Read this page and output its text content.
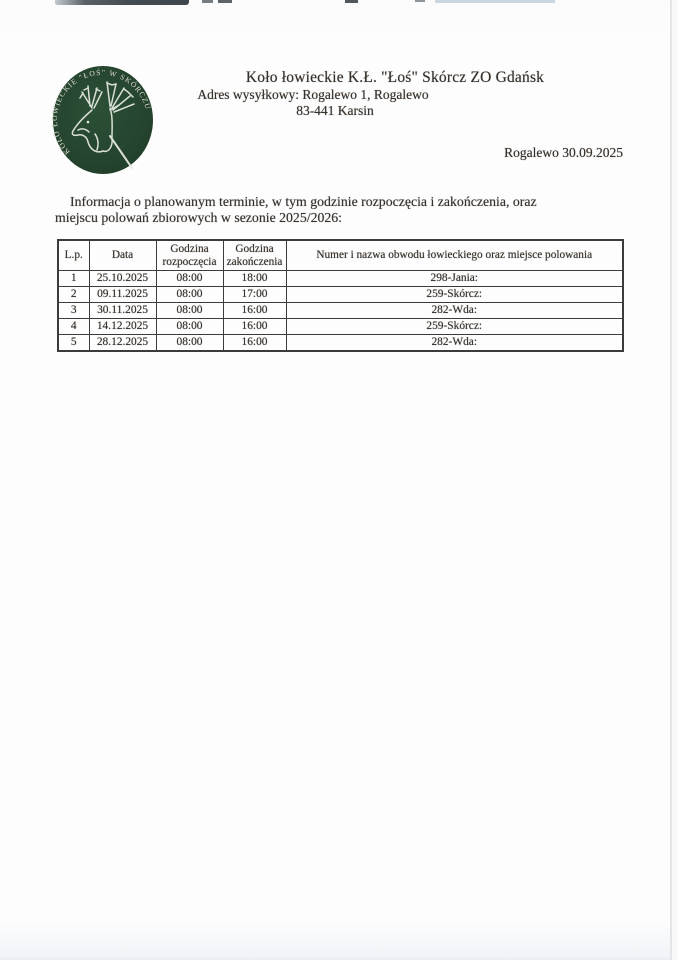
KOŁO ŁOWIECKIE "ŁOŚ" W SKÓRCZU
Koło łowieckie K.Ł. "Łoś" Skórcz ZO Gdańsk
Adres wysyłkowy: Rogalewo 1, Rogalewo
83-441 Karsin
Rogalewo 30.09.2025
Informacja o planowanym terminie, w tym godzinie rozpoczęcia i zakończenia, oraz
miejscu polowań zbiorowych w sezonie 2025/2026:
L.p.	Data	Godzina rozpoczęcia	Godzina zakończenia	Numer i nazwa obwodu łowieckiego oraz miejsce polowania
1	25.10.2025	08:00	18:00	298-Jania:
2	09.11.2025	08:00	17:00	259-Skórcz:
3	30.11.2025	08:00	16:00	282-Wda:
4	14.12.2025	08:00	16:00	259-Skórcz:
5	28.12.2025	08:00	16:00	282-Wda:
